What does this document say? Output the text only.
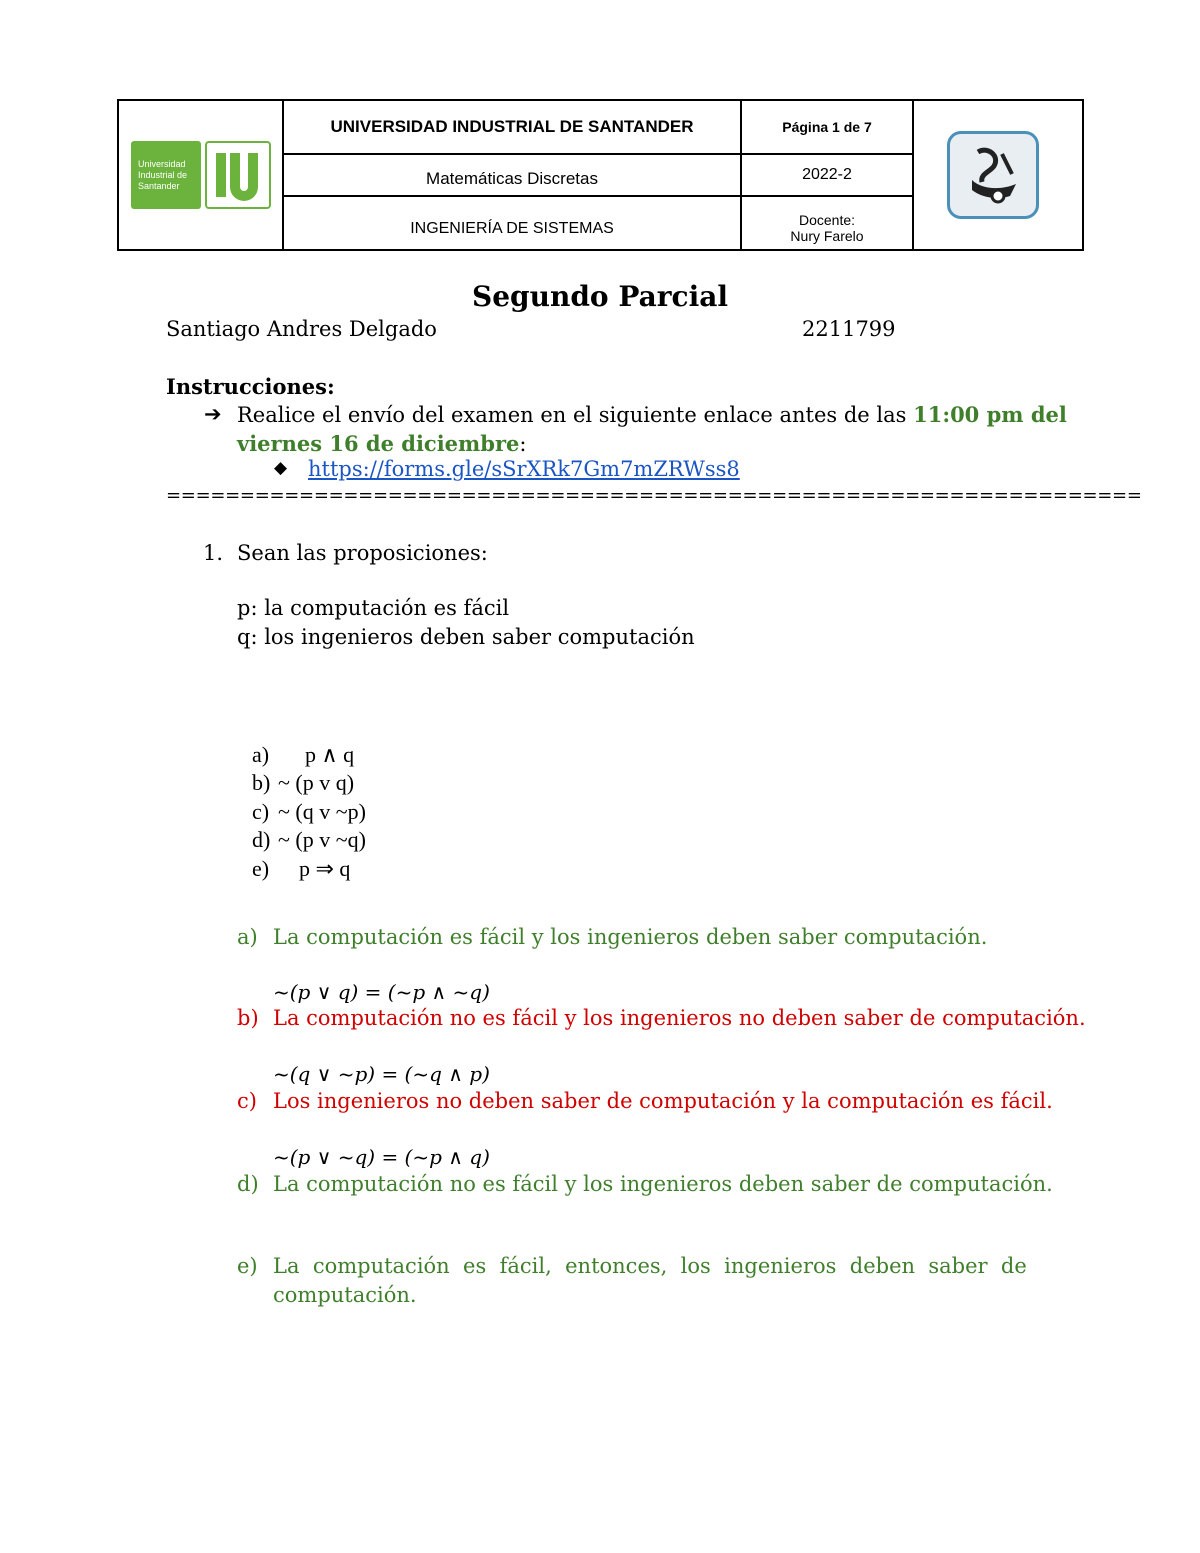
Universidad Industrial de Santander
UNIVERSIDAD INDUSTRIAL DE SANTANDER	Página 1 de 7
Matemáticas Discretas	2022-2
INGENIERÍA DE SISTEMAS	Docente:
Nury Farelo
Segundo Parcial
Santiago Andres Delgado	2211799
Instrucciones:
➔ Realice el envío del examen en el siguiente enlace antes de las 11:00 pm del
viernes 16 de diciembre:
◆ https://forms.gle/sSrXRk7Gm7mZRWss8
==================================================================
1. Sean las proposiciones:
p: la computación es fácil
q: los ingenieros deben saber computación
a) p ∧ q
b) ~ (p v q)
c) ~ (q v ~p)
d) ~ (p v ~q)
e) p ⇒ q
a) La computación es fácil y los ingenieros deben saber computación.
~(p ∨ q) = (~p ∧ ~q)
b) La computación no es fácil y los ingenieros no deben saber de computación.
~(q ∨ ~p) = (~q ∧ p)
c) Los ingenieros no deben saber de computación y la computación es fácil.
~(p ∨ ~q) = (~p ∧ q)
d) La computación no es fácil y los ingenieros deben saber de computación.
e) La  computación  es  fácil,  entonces,  los  ingenieros  deben  saber  de
computación.
